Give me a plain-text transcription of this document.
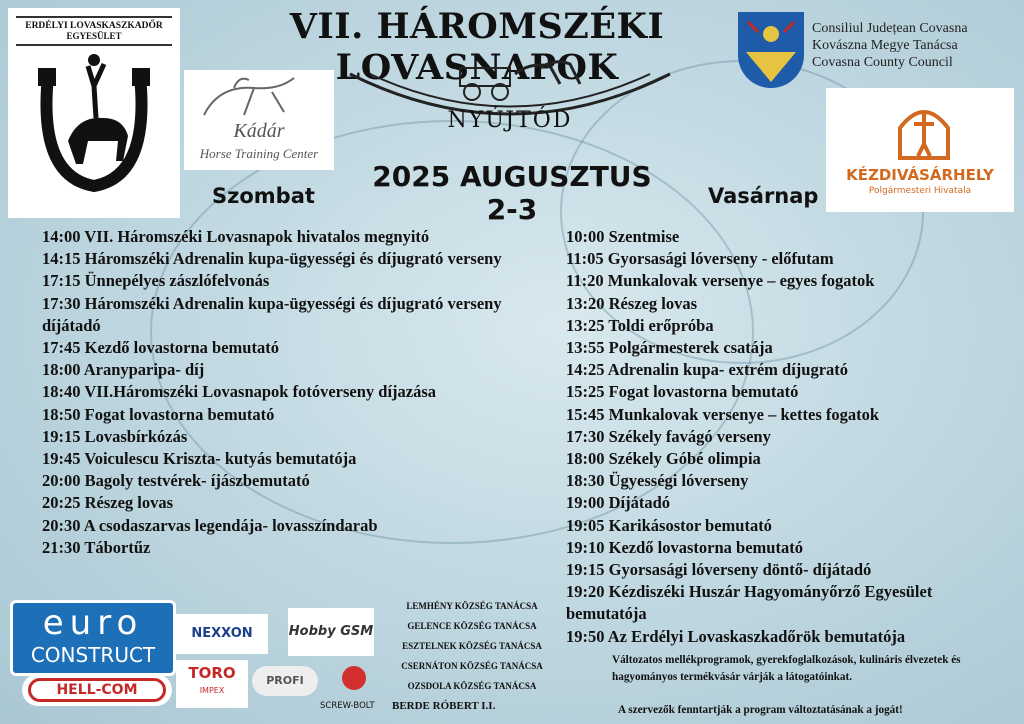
ERDÉLYI LOVASKASZKADŐR
EGYESÜLET
Kádár
Horse Training Center
VII. HÁROMSZÉKI LOVASNAPOK
NYÚJTÓD
Consiliul Județean Covasna
Kovászna Megye Tanácsa
Covasna County Council
KÉZDIVÁSÁRHELY
Polgármesteri Hivatala
2025 AUGUSZTUS 2-3
Szombat	Vasárnap
14:00 VII. Háromszéki Lovasnapok hivatalos megnyitó
14:15 Háromszéki Adrenalin kupa-ügyességi és díjugrató verseny
17:15 Ünnepélyes zászlófelvonás
17:30 Háromszéki Adrenalin kupa-ügyességi és díjugrató verseny díjátadó
17:45 Kezdő lovastorna bemutató
18:00 Aranyparipa- díj
18:40 VII.Háromszéki Lovasnapok fotóverseny díjazása
18:50 Fogat lovastorna bemutató
19:15 Lovasbírkózás
19:45 Voiculescu Kriszta- kutyás bemutatója
20:00 Bagoly testvérek- íjászbemutató
20:25 Részeg lovas
20:30 A csodaszarvas legendája- lovasszíndarab
21:30 Tábortűz
10:00 Szentmise
11:05 Gyorsasági lóverseny - előfutam
11:20 Munkalovak versenye – egyes fogatok
13:20 Részeg lovas
13:25 Toldi erőpróba
13:55 Polgármesterek csatája
14:25 Adrenalin kupa- extrém díjugrató
15:25 Fogat lovastorna bemutató
15:45 Munkalovak versenye – kettes fogatok
17:30 Székely favágó verseny
18:00 Székely Góbé olimpia
18:30 Ügyességi lóverseny
19:00 Díjátadó
19:05 Karikásostor bemutató
19:10 Kezdő lovastorna bemutató
19:15 Gyorsasági lóverseny döntő- díjátadó
19:20 Kézdiszéki Huszár Hagyományőrző Egyesület bemutatója
19:50 Az Erdélyi Lovaskaszkadőrök bemutatója
Változatos mellékprogramok, gyerekfoglalkozások, kulináris élvezetek és hagyományos termékvásár várják a látogatóinkat.
A szervezők fenntartják a program változtatásának a jogát!
LEMHÉNY KÖZSÉG TANÁCSA
GELENCE KÖZSÉG TANÁCSA
ESZTELNEK KÖZSÉG TANÁCSA
CSERNÁTON KÖZSÉG TANÁCSA
OZSDOLA KÖZSÉG TANÁCSA
euro
CONSTRUCT
HELL-COM
NEXXON
TORO
IMPEX
Hobby GSM
PROFI
SCREW-BOLT BERDE RÓBERT I.I.
